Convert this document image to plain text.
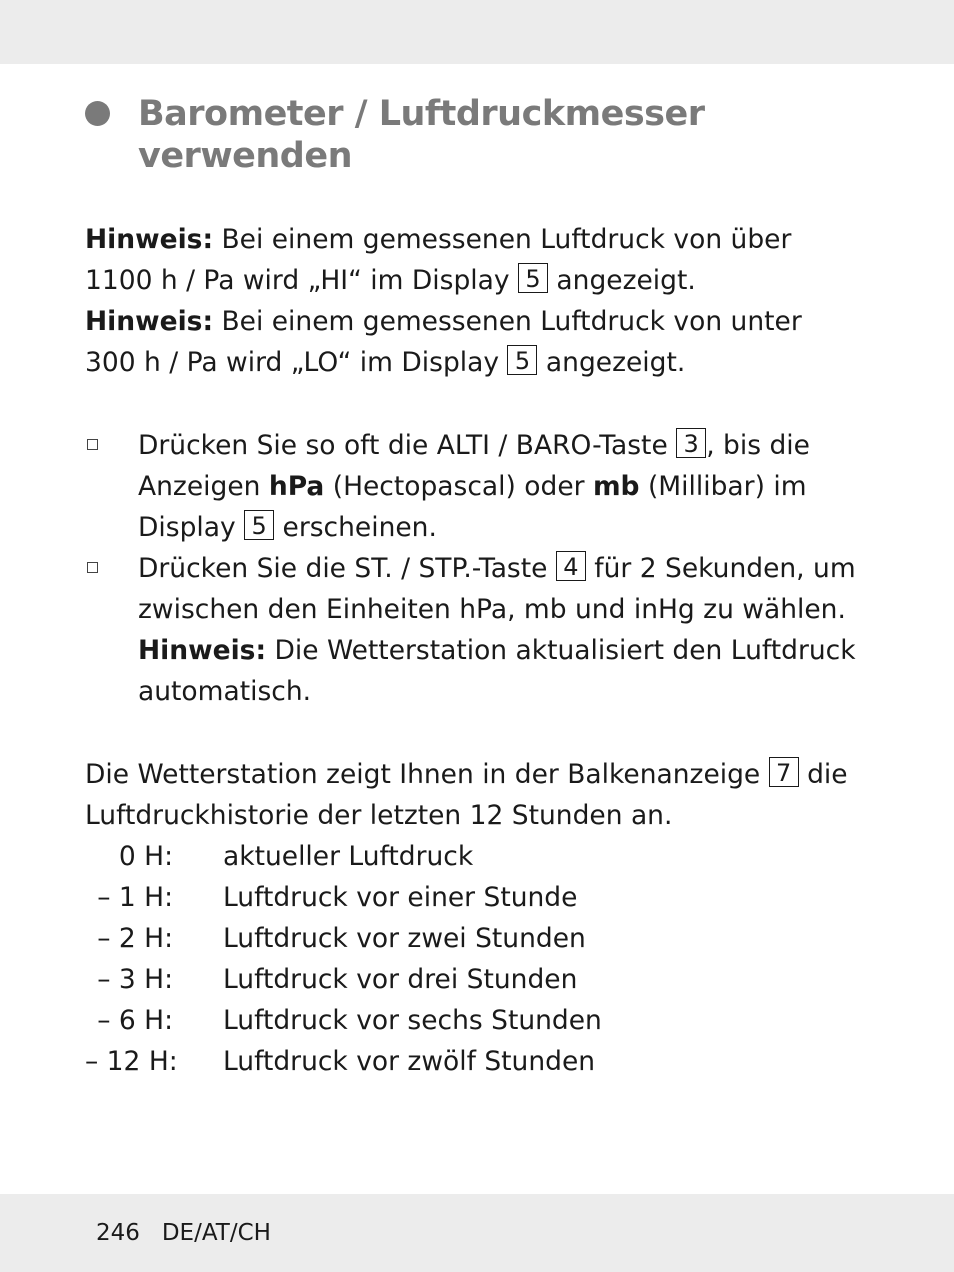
Barometer / Luftdruckmesser
verwenden
Hinweis: Bei einem gemessenen Luftdruck von über
1100 h / Pa wird „HI“ im Display 5 angezeigt.
Hinweis: Bei einem gemessenen Luftdruck von unter
300 h / Pa wird „LO“ im Display 5 angezeigt.
Drücken Sie so oft die ALTI / BARO-Taste 3 , bis die
Anzeigen hPa (Hectopascal) oder mb (Millibar) im
Display 5 erscheinen.
Drücken Sie die ST. / STP.-Taste 4 für 2 Sekunden, um
zwischen den Einheiten hPa, mb und inHg zu wählen.
Hinweis: Die Wetterstation aktualisiert den Luftdruck
automatisch.
Die Wetterstation zeigt Ihnen in der Balkenanzeige 7 die
Luftdruckhistorie der letzten 12 Stunden an.
0 H: aktueller Luftdruck
– 1 H: Luftdruck vor einer Stunde
– 2 H: Luftdruck vor zwei Stunden
– 3 H: Luftdruck vor drei Stunden
– 6 H: Luftdruck vor sechs Stunden
– 12 H: Luftdruck vor zwölf Stunden
246 DE/AT/CH
